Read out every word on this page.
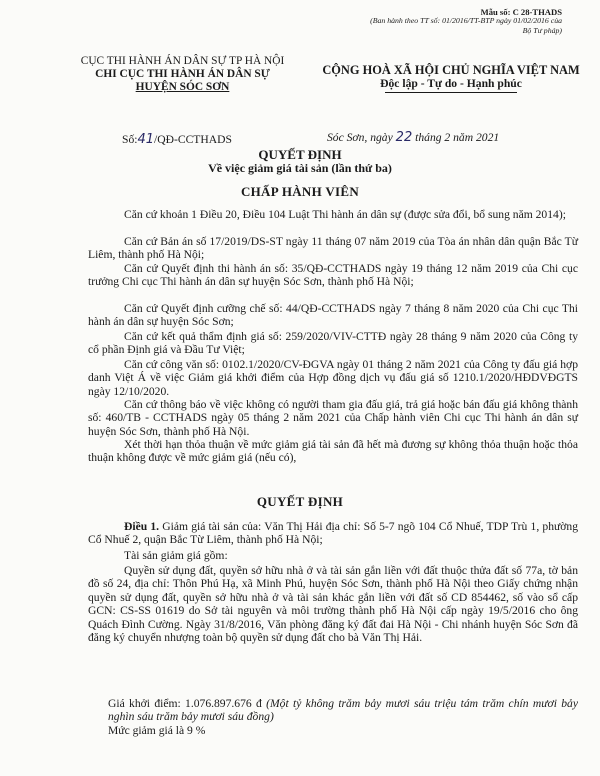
Mẫu số: C 28-THADS
(Ban hành theo TT số: 01/2016/TT-BTP ngày 01/02/2016 của Bộ Tư pháp)
CỤC THI HÀNH ÁN DÂN SỰ TP HÀ NỘI
CHI CỤC THI HÀNH ÁN DÂN SỰ
HUYỆN SÓC SƠN
CỘNG HOÀ XÃ HỘI CHỦ NGHĨA VIỆT NAM
Độc lập - Tự do - Hạnh phúc
Số:41/QĐ-CCTHADS	Sóc Sơn, ngày 22 tháng 2 năm 2021
QUYẾT ĐỊNH
Về việc giảm giá tài sản (lần thứ ba)
CHẤP HÀNH VIÊN
Căn cứ khoản 1 Điều 20, Điều 104 Luật Thi hành án dân sự (được sửa đổi, bổ sung năm 2014);
Căn cứ Bản án số 17/2019/DS-ST ngày 11 tháng 07 năm 2019 của Tòa án nhân dân quận Bắc Từ Liêm, thành phố Hà Nội;
Căn cứ Quyết định thi hành án số: 35/QĐ-CCTHADS ngày 19 tháng 12 năm 2019 của Chi cục trưởng Chi cục Thi hành án dân sự huyện Sóc Sơn, thành phố Hà Nội;
Căn cứ Quyết định cưỡng chế số: 44/QĐ-CCTHADS ngày 7 tháng 8 năm 2020 của Chi cục Thi hành án dân sự huyện Sóc Sơn;
Căn cứ kết quả thẩm định giá số: 259/2020/VIV-CTTĐ ngày 28 tháng 9 năm 2020 của Công ty cổ phần Định giá và Đầu Tư Việt;
Căn cứ công văn số: 0102.1/2020/CV-ĐGVA ngày 01 tháng 2 năm 2021 của Công ty đấu giá hợp danh Việt Á về việc Giảm giá khởi điểm của Hợp đồng dịch vụ đấu giá số 1210.1/2020/HĐDVĐGTS ngày 12/10/2020.
Căn cứ thông báo về việc không có người tham gia đấu giá, trả giá hoặc bán đấu giá không thành số: 460/TB - CCTHADS ngày 05 tháng 2 năm 2021 của Chấp hành viên Chi cục Thi hành án dân sự huyện Sóc Sơn, thành phố Hà Nội.
Xét thời hạn thỏa thuận về mức giảm giá tài sản đã hết mà đương sự không thỏa thuận hoặc thỏa thuận không được về mức giảm giá (nếu có),
QUYẾT ĐỊNH
Điều 1. Giảm giá tài sản của: Văn Thị Hải địa chỉ: Số 5-7 ngõ 104 Cổ Nhuế, TDP Trù 1, phường Cổ Nhuế 2, quận Bắc Từ Liêm, thành phố Hà Nội;
Tài sản giảm giá gồm:
Quyền sử dụng đất, quyền sở hữu nhà ở và tài sản gắn liền với đất thuộc thửa đất số 77a, tờ bản đồ số 24, địa chỉ: Thôn Phú Hạ, xã Minh Phú, huyện Sóc Sơn, thành phố Hà Nội theo Giấy chứng nhận quyền sử dụng đất, quyền sở hữu nhà ở và tài sản khác gắn liền với đất số CD 854462, số vào sổ cấp GCN: CS-SS 01619 do Sở tài nguyên và môi trường thành phố Hà Nội cấp ngày 19/5/2016 cho ông Quách Đình Cường. Ngày 31/8/2016, Văn phòng đăng ký đất đai Hà Nội - Chi nhánh huyện Sóc Sơn đã đăng ký chuyển nhượng toàn bộ quyền sử dụng đất cho bà Văn Thị Hải.
Giá khởi điểm: 1.076.897.676 đ (Một tỷ không trăm bảy mươi sáu triệu tám trăm chín mươi bảy nghìn sáu trăm bảy mươi sáu đồng)
Mức giảm giá là 9 %
